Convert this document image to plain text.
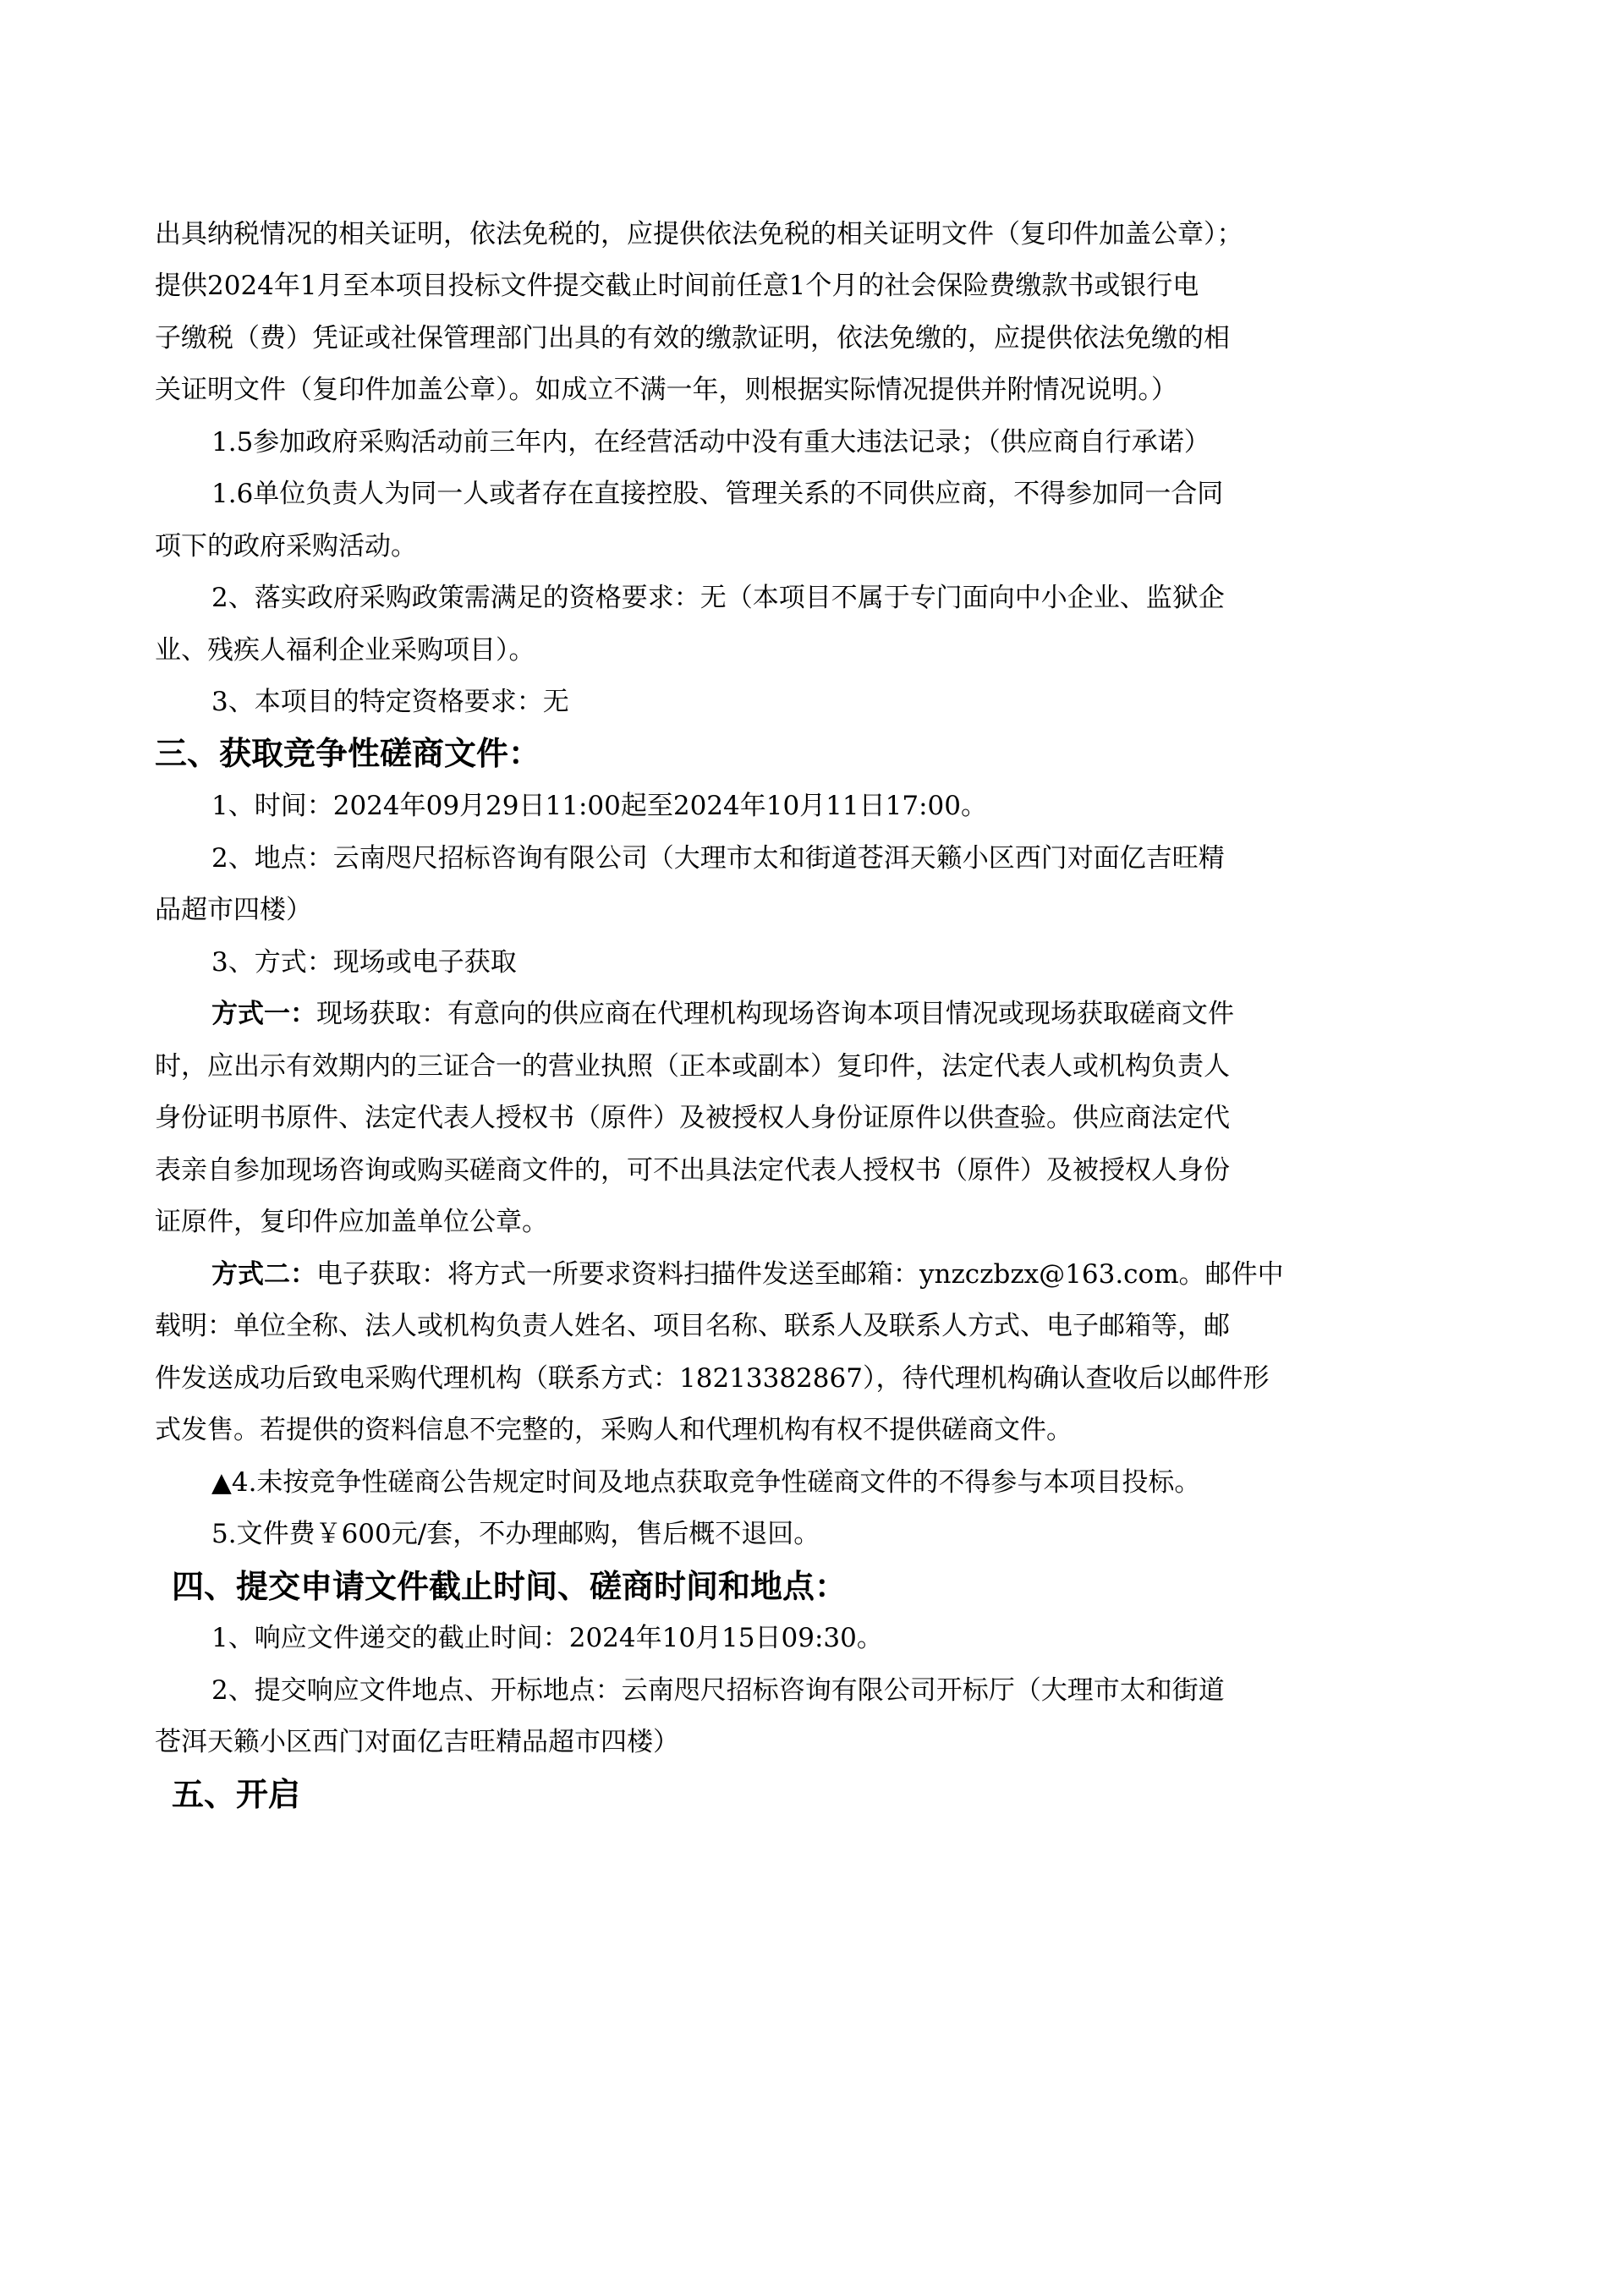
出具纳税情况的相关证明，依法免税的，应提供依法免税的相关证明文件（复印件加盖公章）；
提供2024年1月至本项目投标文件提交截止时间前任意1个月的社会保险费缴款书或银行电
子缴税（费）凭证或社保管理部门出具的有效的缴款证明，依法免缴的，应提供依法免缴的相
关证明文件（复印件加盖公章）。如成立不满一年，则根据实际情况提供并附情况说明。）
1.5参加政府采购活动前三年内，在经营活动中没有重大违法记录；（供应商自行承诺）
1.6单位负责人为同一人或者存在直接控股、管理关系的不同供应商，不得参加同一合同
项下的政府采购活动。
2、落实政府采购政策需满足的资格要求：无（本项目不属于专门面向中小企业、监狱企
业、残疾人福利企业采购项目）。
3、本项目的特定资格要求：无
三、获取竞争性磋商文件：
1、时间：2024年09月29日11:00起至2024年10月11日17:00。
2、地点：云南咫尺招标咨询有限公司（大理市太和街道苍洱天籁小区西门对面亿吉旺精
品超市四楼）
3、方式：现场或电子获取
方式一：现场获取：有意向的供应商在代理机构现场咨询本项目情况或现场获取磋商文件
时，应出示有效期内的三证合一的营业执照（正本或副本）复印件，法定代表人或机构负责人
身份证明书原件、法定代表人授权书（原件）及被授权人身份证原件以供查验。供应商法定代
表亲自参加现场咨询或购买磋商文件的，可不出具法定代表人授权书（原件）及被授权人身份
证原件，复印件应加盖单位公章。
方式二：电子获取：将方式一所要求资料扫描件发送至邮箱：ynzczbzx@163.com。邮件中
载明：单位全称、法人或机构负责人姓名、项目名称、联系人及联系人方式、电子邮箱等，邮
件发送成功后致电采购代理机构（联系方式：18213382867），待代理机构确认查收后以邮件形
式发售。若提供的资料信息不完整的，采购人和代理机构有权不提供磋商文件。
▲4.未按竞争性磋商公告规定时间及地点获取竞争性磋商文件的不得参与本项目投标。
5.文件费￥600元/套，不办理邮购，售后概不退回。
四、提交申请文件截止时间、磋商时间和地点：
1、响应文件递交的截止时间：2024年10月15日09:30。
2、提交响应文件地点、开标地点：云南咫尺招标咨询有限公司开标厅（大理市太和街道
苍洱天籁小区西门对面亿吉旺精品超市四楼）
五、开启
